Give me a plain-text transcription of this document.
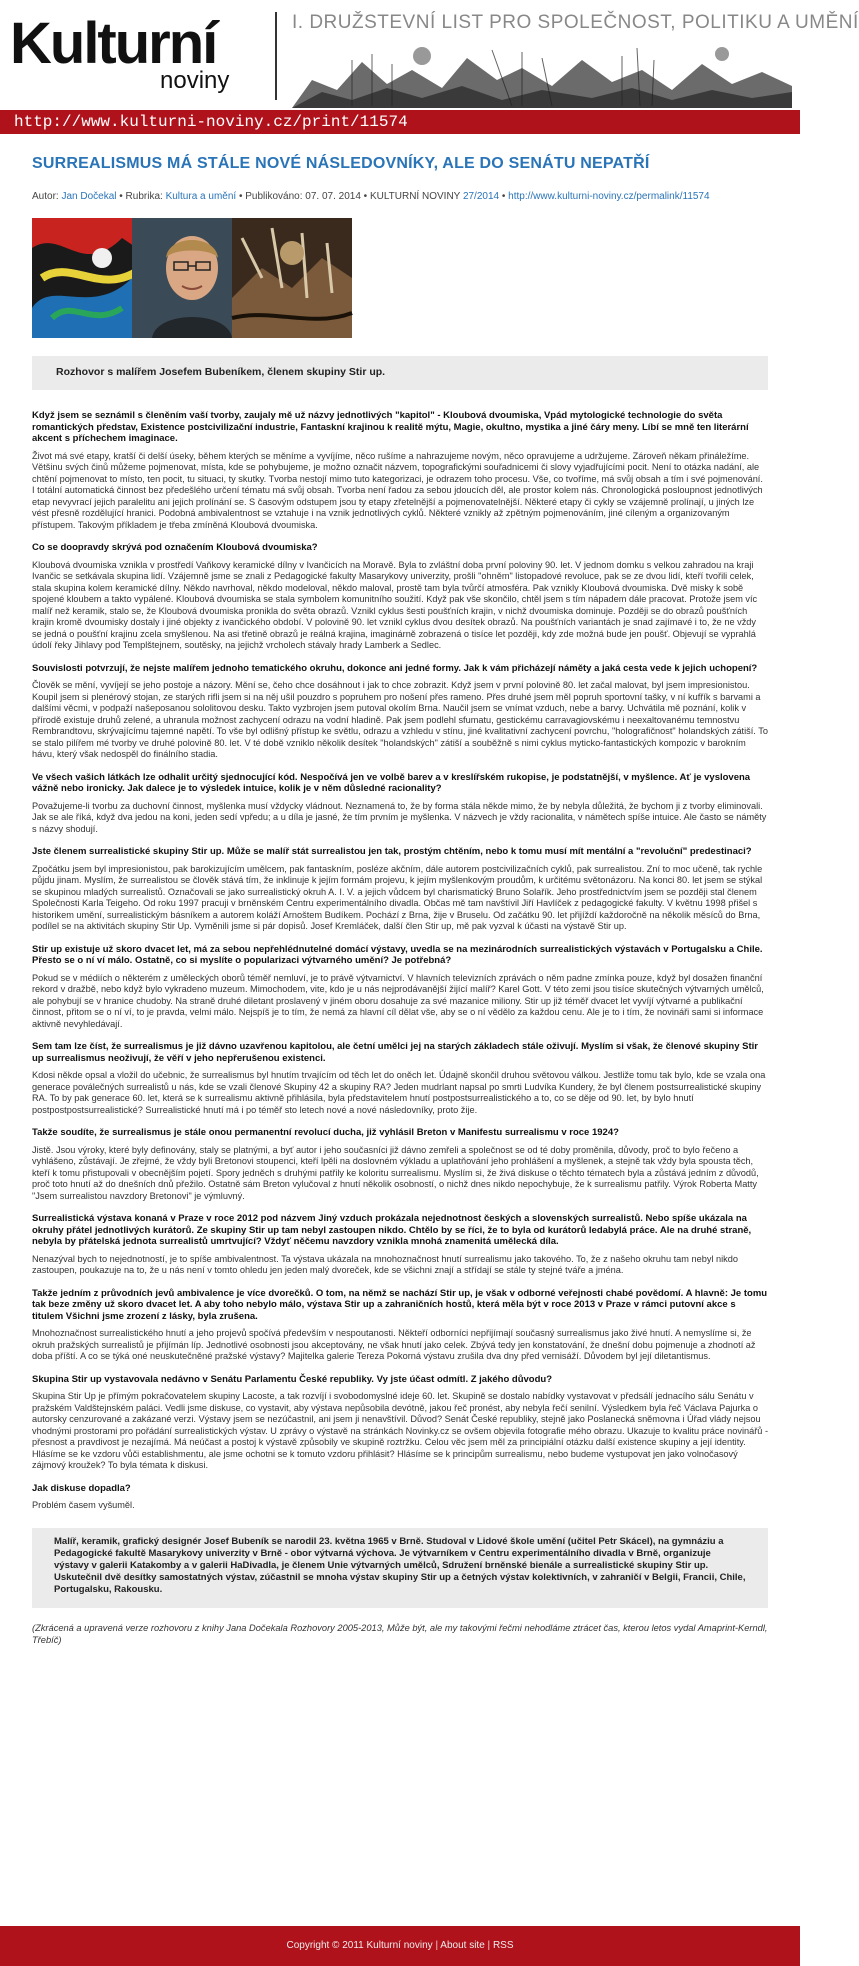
Kulturní
noviny
I. DRUŽSTEVNÍ LIST PRO SPOLEČNOST, POLITIKU A UMĚNÍ
http://www.kulturni-noviny.cz/print/11574
SURREALISMUS MÁ STÁLE NOVÉ NÁSLEDOVNÍKY, ALE DO SENÁTU NEPATŘÍ
Autor: Jan Dočekal • Rubrika: Kultura a umění • Publikováno: 07. 07. 2014 • KULTURNÍ NOVINY 27/2014 • http://www.kulturni-noviny.cz/permalink/11574
Rozhovor s malířem Josefem Bubeníkem, členem skupiny Stir up.

Když jsem se seznámil s členěním vaší tvorby, zaujaly mě už názvy jednotlivých "kapitol" - Kloubová dvoumiska, Vpád mytologické technologie do světa romantických představ, Existence postcivilizační industrie, Fantaskní krajinou k realitě mýtu, Magie, okultno, mystika a jiné čáry meny. Líbí se mně ten literární akcent s příchechem imaginace.

Život má své etapy, kratší či delší úseky, během kterých se měníme a vyvíjíme, něco rušíme a nahrazujeme novým, něco opravujeme a udržujeme. Zároveň někam přináležíme. Většinu svých činů můžeme pojmenovat, místa, kde se pohybujeme, je možno označit názvem, topografickými souřadnicemi či slovy vyjadřujícími pocit. Není to otázka nadání, ale chtění pojmenovat to místo, ten pocit, tu situaci, ty skutky. Tvorba nestojí mimo tuto kategorizaci, je odrazem toho procesu. Vše, co tvoříme, má svůj obsah a tím i své pojmenování. I totální automatická činnost bez předešlého určení tématu má svůj obsah. Tvorba není řadou za sebou jdoucích děl, ale prostor kolem nás. Chronologická posloupnost jednotlivých etap nevyvrací jejich paralelitu ani jejich prolínání se. S časovým odstupem jsou ty etapy zřetelnější a pojmenovatelnější. Některé etapy či cykly se vzájemně prolínají, u jiných lze vést přesně rozdělující hranici. Podobná ambivalentnost se vztahuje i na vznik jednotlivých cyklů. Některé vznikly až zpětným pojmenováním, jiné cíleným a organizovaným přístupem. Takovým příkladem je třeba zmíněná Kloubová dvoumiska.

Co se doopravdy skrývá pod označením Kloubová dvoumiska?

Kloubová dvoumiska vznikla v prostředí Vaňkovy keramické dílny v Ivančicích na Moravě. Byla to zvláštní doba první poloviny 90. let. V jednom domku s velkou zahradou na kraji Ivančic se setkávala skupina lidí. Vzájemně jsme se znali z Pedagogické fakulty Masarykovy univerzity, prošli "ohněm" listopadové revoluce, pak se ze dvou lidí, kteří tvořili celek, stala skupina kolem keramické dílny. Někdo navrhoval, někdo modeloval, někdo maloval, prostě tam byla tvůrčí atmosféra. Pak vznikly Kloubová dvoumiska. Dvě misky k sobě spojené kloubem a takto vypálené. Kloubová dvoumiska se stala symbolem komunitního soužití. Když pak vše skončilo, chtěl jsem s tím nápadem dále pracovat. Protože jsem víc malíř než keramik, stalo se, že Kloubová dvoumiska pronikla do světa obrazů. Vznikl cyklus šesti poušťních krajin, v nichž dvoumiska dominuje. Později se do obrazů poušťních krajin kromě dvoumisky dostaly i jiné objekty z ivančického období. V polovině 90. let vznikl cyklus dvou desítek obrazů. Na poušťních variantách je snad zajímavé i to, že ne vždy se jedná o poušťní krajinu zcela smyšlenou. Na asi třetině obrazů je reálná krajina, imaginárně zobrazená o tisíce let později, kdy zde možná bude jen poušť. Objevují se vyprahlá údolí řeky Jihlavy pod Templštejnem, soutěsky, na jejichž vrcholech stávaly hrady Lamberk a Sedlec.

Souvislosti potvrzují, že nejste malířem jednoho tematického okruhu, dokonce ani jedné formy. Jak k vám přicházejí náměty a jaká cesta vede k jejich uchopení?

Člověk se mění, vyvíjejí se jeho postoje a názory. Mění se, čeho chce dosáhnout i jak to chce zobrazit. Když jsem v první polovině 80. let začal malovat, byl jsem impresionistou. Koupil jsem si plenérový stojan, ze starých rifli jsem si na něj ušil pouzdro s popruhem pro nošení přes rameno. Přes druhé jsem měl popruh sportovní tašky, v ní kufřík s barvami a dalšími věcmi, v podpaží našeposanou sololitovou desku. Takto vyzbrojen jsem putoval okolím Brna. Naučil jsem se vnímat vzduch, nebe a barvy. Uchvátila mě poznání, kolik v přírodě existuje druhů zelené, a uhranula možnost zachycení odrazu na vodní hladině. Pak jsem podlehl sfumatu, gestickému carravagiovskému i neexaltovanému temnostvu Rembrandtovu, skrývajícímu tajemné napětí. To vše byl odlišný přístup ke světlu, odrazu a vzhledu v stínu, jiné kvalitativní zachycení povrchu, "holografičnost" holandských zátiší. To se stalo pilířem mé tvorby ve druhé polovině 80. let. V té době vzniklo několik desítek "holandských" zátiší a souběžně s nimi cyklus myticko-fantastických kompozic v barokním hávu, který však nedospěl do finálního stadia.

Ve všech vašich látkách lze odhalit určitý sjednocující kód. Nespočívá jen ve volbě barev a v kreslířském rukopise, je podstatnější, v myšlence. Ať je vyslovena vážně nebo ironicky. Jak dalece je to výsledek intuice, kolik je v něm důsledné racionality?

Považujeme-li tvorbu za duchovní činnost, myšlenka musí vždycky vládnout. Neznamená to, že by forma stála někde mimo, že by nebyla důležitá, že bychom ji z tvorby eliminovali. Jak se ale říká, když dva jedou na koni, jeden sedí vpředu; a u díla je jasné, že tím prvním je myšlenka. V názvech je vždy racionalita, v námětech spíše intuice. Ale často se náměty s názvy shodují.

Jste členem surrealistické skupiny Stir up. Může se malíř stát surrealistou jen tak, prostým chtěním, nebo k tomu musí mít mentální a "revoluční" predestinaci?

Zpočátku jsem byl impresionistou, pak barokizujícím umělcem, pak fantaskním, posléze akčním, dále autorem postcivilizačních cyklů, pak surrealistou. Zní to moc učeně, tak rychle půjdu jinam. Myslím, že surrealistou se člověk stává tím, že inklinuje k jejím formám projevu, k jejím myšlenkovým proudům, k určitému světonázoru. Na konci 80. let jsem se stýkal se skupinou mladých surrealistů. Označovali se jako surrealistický okruh A. I. V. a jejich vůdcem byl charismatický Bruno Solařík. Jeho prostřednictvím jsem se později stal členem Společnosti Karla Teigeho. Od roku 1997 pracuji v brněnském Centru experimentálního divadla. Občas mě tam navštívil Jiří Havlíček z pedagogické fakulty. V květnu 1998 přišel s historikem umění, surrealistickým básníkem a autorem koláží Arnoštem Budíkem. Pochází z Brna, žije v Bruselu. Od začátku 90. let přijíždí každoročně na několik měsíců do Brna, podílel se na aktivitách skupiny Stir Up. Vyměnili jsme si pár dopisů. Josef Kremláček, další člen Stir up, mě pak vyzval k účasti na výstavě Stir up.

Stir up existuje už skoro dvacet let, má za sebou nepřehlédnutelné domácí výstavy, uvedla se na mezinárodních surrealistických výstavách v Portugalsku a Chile. Přesto se o ní ví málo. Ostatně, co si myslíte o popularizaci výtvarného umění? Je potřebná?

Pokud se v médiích o některém z uměleckých oborů téměř nemluví, je to právě výtvarnictví. V hlavních televizních zprávách o něm padne zmínka pouze, když byl dosažen finanční rekord v dražbě, nebo když bylo vykradeno muzeum. Mimochodem, vite, kdo je u nás nejprodávanější žijící malíř? Karel Gott. V této zemi jsou tisíce skutečných výtvarných umělců, ale pohybují se v hranice chudoby. Na straně druhé diletant proslavený v jiném oboru dosahuje za své mazanice miliony. Stir up již téměř dvacet let vyvíjí výtvarné a publikační činnost, přitom se o ní ví, to je pravda, velmi málo. Nejspíš je to tím, že nemá za hlavní cíl dělat vše, aby se o ní vědělo za každou cenu. Ale je to i tím, že novináři sami si informace aktivně nevyhledávají.

Sem tam lze číst, že surrealismus je již dávno uzavřenou kapitolou, ale četní umělci jej na starých základech stále oživují. Myslím si však, že členové skupiny Stir up surrealismus neoživují, že věří v jeho nepřerušenou existenci.

Kdosi někde opsal a vložil do učebnic, že surrealismus byl hnutím trvajícím od těch let do oněch let. Údajně skončil druhou světovou válkou. Jestliže tomu tak bylo, kde se vzala ona generace poválečných surrealistů u nás, kde se vzali členové Skupiny 42 a skupiny RA? Jeden mudrlant napsal po smrti Ludvíka Kundery, že byl členem postsurrealistické skupiny RA. To by pak generace 60. let, která se k surrealismu aktivně přihlásila, byla představitelem hnutí postpostsurrealistického a to, co se děje od 90. let, by bylo hnutí postpostpostsurrealistické? Surrealistické hnutí má i po téměř sto letech nové a nové následovníky, proto žije.

Takže soudíte, že surrealismus je stále onou permanentní revolucí ducha, již vyhlásil Breton v Manifestu surrealismu v roce 1924?

Jistě. Jsou výroky, které byly definovány, staly se platnými, a byť autor i jeho současníci již dávno zemřeli a společnost se od té doby proměnila, důvody, proč to bylo řečeno a vyhlášeno, zůstávají. Je zřejmé, že vždy byli Bretonovi stoupenci, kteří lpěli na doslovném výkladu a uplatňování jeho prohlášení a myšlenek, a stejně tak vždy byla spousta těch, kteří k tomu přistupovali v obecnějším pojetí. Spory jedněch s druhými patřily ke koloritu surrealismu. Myslím si, že živá diskuse o těchto tématech byla a zůstává jedním z důvodů, proč toto hnutí až do dnešních dnů přežilo. Ostatně sám Breton vylučoval z hnutí několik osobností, o nichž dnes nikdo nepochybuje, že k surrealismu patřily. Výrok Roberta Matty "Jsem surrealistou navzdory Bretonovi" je výmluvný.

Surrealistická výstava konaná v Praze v roce 2012 pod názvem Jiný vzduch prokázala nejednotnost českých a slovenských surrealistů. Nebo spíše ukázala na okruhy přátel jednotlivých kurátorů. Ze skupiny Stir up tam nebyl zastoupen nikdo. Chtělo by se říci, že to byla od kurátorů ledabylá práce. Ale na druhé straně, nebyla by přátelská jednota surrealistů umrtvující? Vždyť něčemu navzdory vznikla mnohá znamenitá umělecká díla.

Nenazýval bych to nejednotností, je to spíše ambivalentnost. Ta výstava ukázala na mnohoznačnost hnutí surrealismu jako takového. To, že z našeho okruhu tam nebyl nikdo zastoupen, poukazuje na to, že u nás není v tomto ohledu jen jeden malý dvoreček, kde se všichni znají a střídají se stále ty stejné tváře a jména.

Takže jedním z průvodních jevů ambivalence je více dvorečků. O tom, na němž se nachází Stir up, je však v odborné veřejnosti chabé povědomí. A hlavně: Je tomu tak beze změny už skoro dvacet let. A aby toho nebylo málo, výstava Stir up a zahraničních hostů, která měla být v roce 2013 v Praze v rámci putovní akce s titulem Všichni jsme zrození z lásky, byla zrušena.

Mnohoznačnost surrealistického hnutí a jeho projevů spočívá především v nespoutanosti. Někteří odborníci nepřijímají současný surrealismus jako živé hnutí. A nemyslíme si, že okruh pražských surrealistů je přijímán líp. Jednotlivé osobnosti jsou akceptovány, ne však hnutí jako celek. Zbývá tedy jen konstatování, že dnešní dobu pojmenuje a zhodnotí až doba příští. A co se týká oné neuskutečněné pražské výstavy? Majitelka galerie Tereza Pokorná výstavu zrušila dva dny před vernisáží. Důvodem byl její diletantismus.

Skupina Stir up vystavovala nedávno v Senátu Parlamentu České republiky. Vy jste účast odmítl. Z jakého důvodu?

Skupina Stir Up je přímým pokračovatelem skupiny Lacoste, a tak rozvíjí i svobodomyslné ideje 60. let. Skupině se dostalo nabídky vystavovat v předsálí jednacího sálu Senátu v pražském Valdštejnském paláci. Vedli jsme diskuse, co vystavit, aby výstava nepůsobila devótně, jakou řeč pronést, aby nebyla řečí senilní. Výsledkem byla řeč Václava Pajurka o autorsky cenzurované a zakázané verzi. Výstavy jsem se nezúčastnil, ani jsem ji nenavštívil. Důvod? Senát České republiky, stejně jako Poslanecká sněmovna i Úřad vlády nejsou vhodnými prostorami pro pořádání surrealistických výstav. U zprávy o výstavě na stránkách Novinky.cz se ovšem objevila fotografie mého obrazu. Ukazuje to kvalitu práce novinářů - přesnost a pravdivost je nezajímá. Má neúčast a postoj k výstavě způsobily ve skupině roztržku. Celou věc jsem měl za principiální otázku další existence skupiny a její identity. Hlásíme se ke vzdoru vůči establishmentu, ale jsme ochotni se k tomuto vzdoru přihlásit? Hlásíme se k principům surrealismu, nebo budeme vystupovat jen jako volnočasový zájmový kroužek? To byla témata k diskusi.

Jak diskuse dopadla?

Problém časem vyšuměl.

Malíř, keramik, grafický designér Josef Bubeník se narodil 23. května 1965 v Brně. Studoval v Lidové škole umění (učitel Petr Skácel), na gymnáziu a Pedagogické fakultě Masarykovy univerzity v Brně - obor výtvarná výchova. Je výtvarníkem v Centru experimentálního divadla v Brně, organizuje výstavy v galerii Katakomby a v galerii HaDivadla, je členem Unie výtvarných umělců, Sdružení brněnské bienále a surrealistické skupiny Stir up. Uskutečnil dvě desítky samostatných výstav, zúčastnil se mnoha výstav skupiny Stir up a četných výstav kolektivních, v zahraničí v Belgii, Francii, Chile, Portugalsku, Rakousku.

(Zkrácená a upravená verze rozhovoru z knihy Jana Dočekala Rozhovory 2005-2013, Může být, ale my takovými řečmi nehodláme ztrácet čas, kterou letos vydal Amaprint-Kerndl, Třebíč)

Copyright © 2011 Kulturní noviny | About site | RSS
